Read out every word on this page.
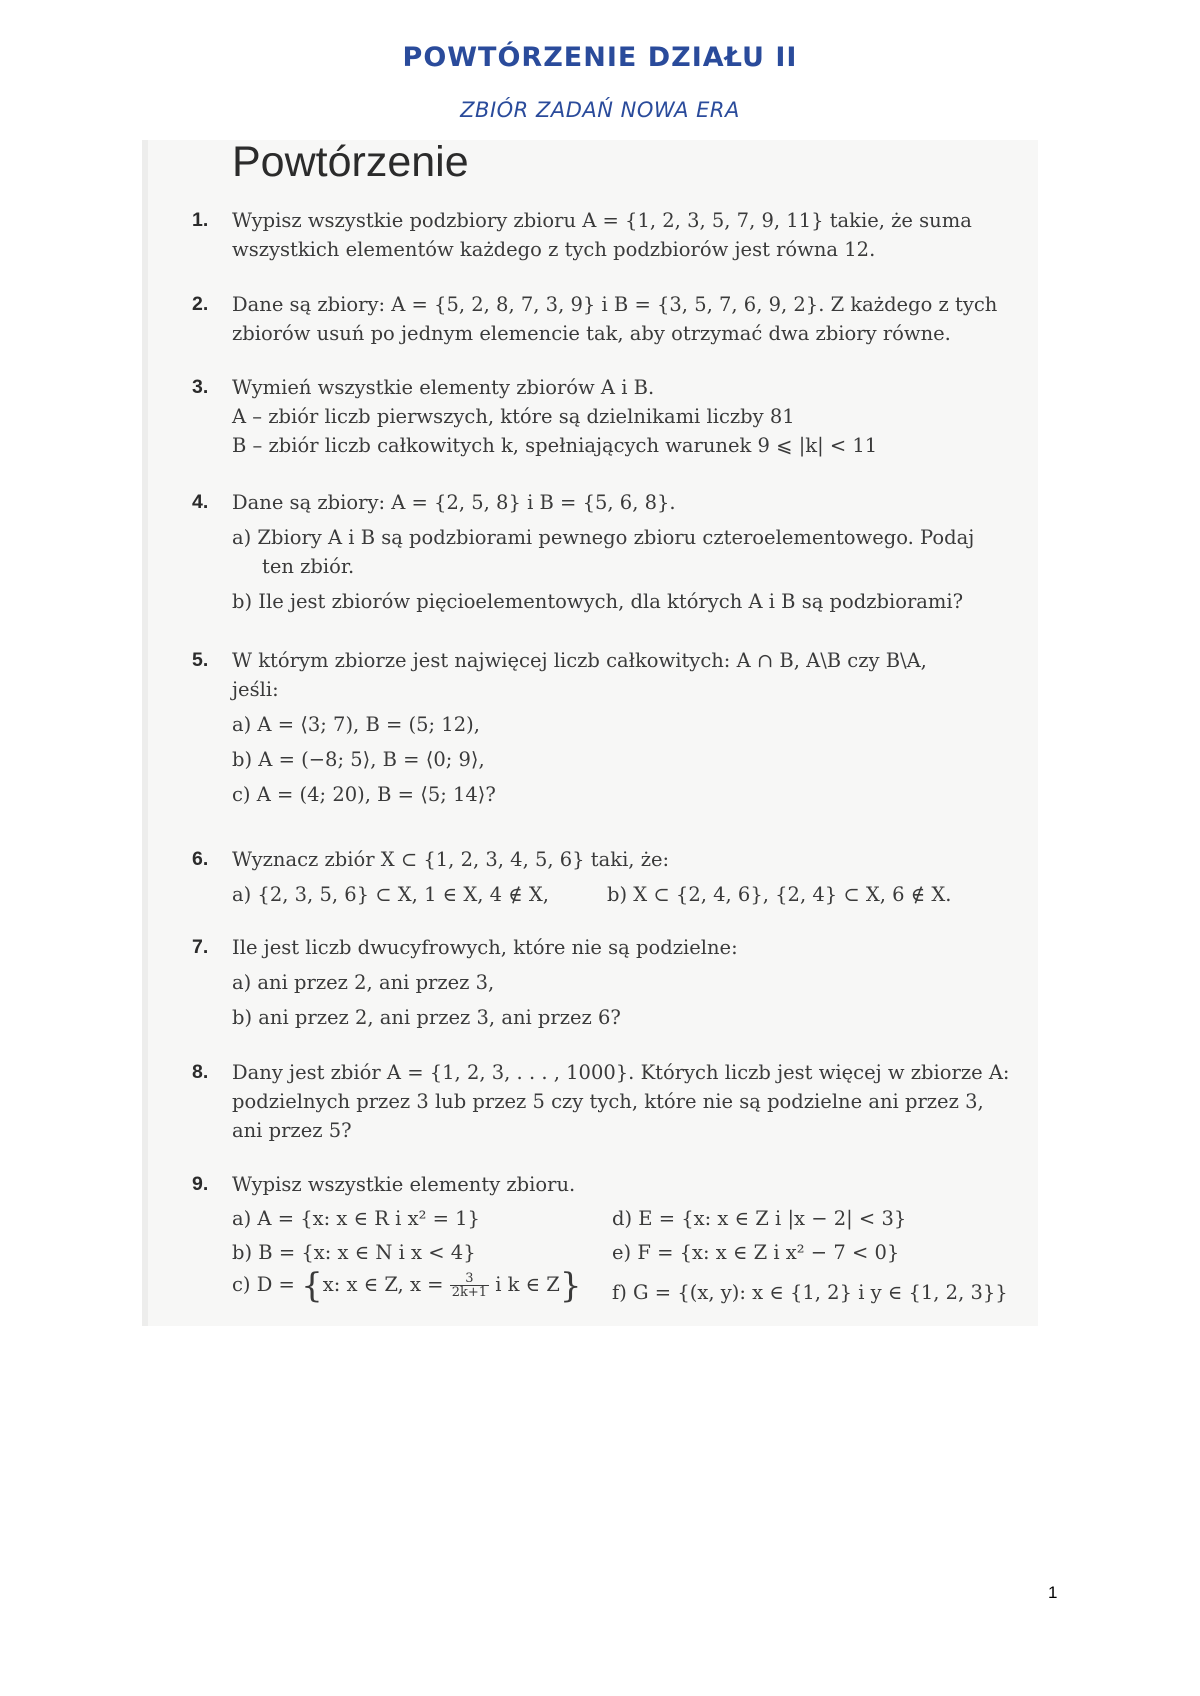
POWTÓRZENIE DZIAŁU II
ZBIÓR ZADAŃ NOWA ERA
Powtórzenie
1.	Wypisz wszystkie podzbiory zbioru A = {1, 2, 3, 5, 7, 9, 11} takie, że suma
wszystkich elementów każdego z tych podzbiorów jest równa 12.
2.	Dane są zbiory: A = {5, 2, 8, 7, 3, 9} i B = {3, 5, 7, 6, 9, 2}. Z każdego z tych
zbiorów usuń po jednym elemencie tak, aby otrzymać dwa zbiory równe.
3.	Wymień wszystkie elementy zbiorów A i B.
A – zbiór liczb pierwszych, które są dzielnikami liczby 81
B – zbiór liczb całkowitych k, spełniających warunek 9 ⩽ |k| < 11
4.	Dane są zbiory: A = {2, 5, 8} i B = {5, 6, 8}.
a) Zbiory A i B są podzbiorami pewnego zbioru czteroelementowego. Podaj
ten zbiór.
b) Ile jest zbiorów pięcioelementowych, dla których A i B są podzbiorami?
5.	W którym zbiorze jest najwięcej liczb całkowitych: A ∩ B, A\B czy B\A,
jeśli:
a) A = ⟨3; 7), B = (5; 12),
b) A = (−8; 5⟩, B = ⟨0; 9⟩,
c) A = (4; 20), B = ⟨5; 14⟩?
6.	Wyznacz zbiór X ⊂ {1, 2, 3, 4, 5, 6} taki, że:
a) {2, 3, 5, 6} ⊂ X, 1 ∈ X, 4 ∉ X,	b) X ⊂ {2, 4, 6}, {2, 4} ⊂ X, 6 ∉ X.
7.	Ile jest liczb dwucyfrowych, które nie są podzielne:
a) ani przez 2, ani przez 3,
b) ani przez 2, ani przez 3, ani przez 6?
8.	Dany jest zbiór A = {1, 2, 3, . . . , 1000}. Których liczb jest więcej w zbiorze A:
podzielnych przez 3 lub przez 5 czy tych, które nie są podzielne ani przez 3,
ani przez 5?
9.	Wypisz wszystkie elementy zbioru.
a) A = {x: x ∈ R i x² = 1}	d) E = {x: x ∈ Z i |x − 2| < 3}
b) B = {x: x ∈ N i x < 4}	e) F = {x: x ∈ Z i x² − 7 < 0}
c) D = {x: x ∈ Z, $x = \frac{3}{2k+1}$ i k ∈ Z}	f) G = {(x, y): x ∈ {1, 2} i y ∈ {1, 2, 3}}
1
